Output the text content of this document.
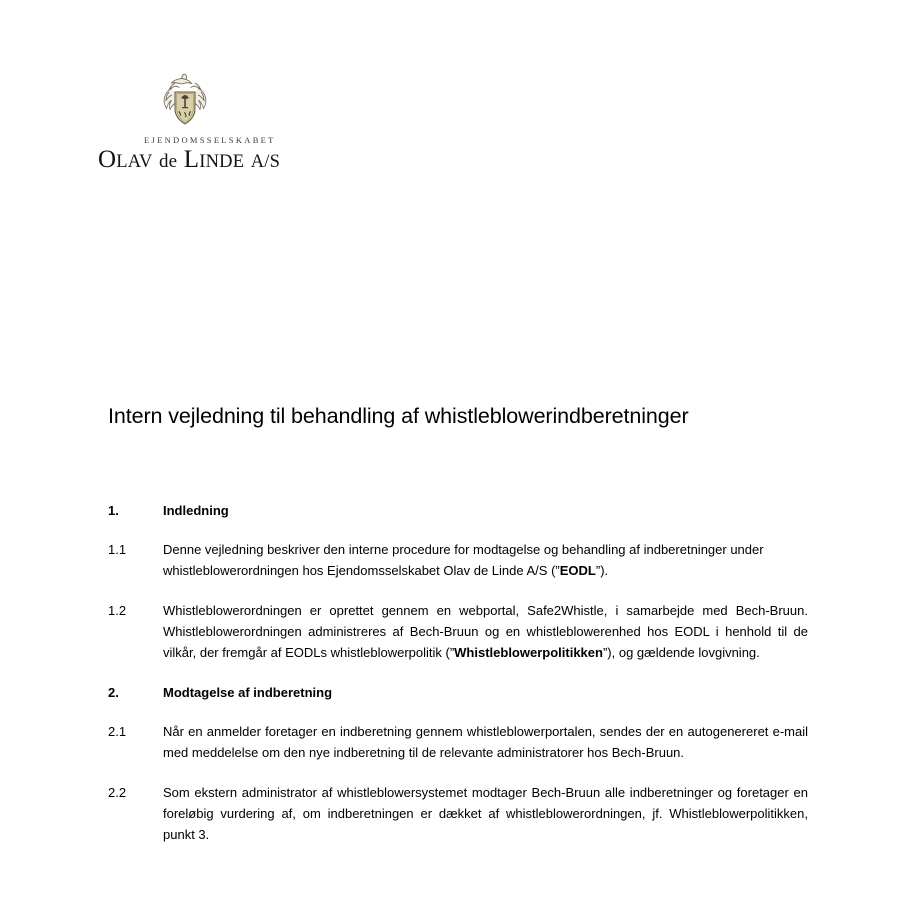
EJENDOMSSELSKABET
OLAV de LINDE A/S
Intern vejledning til behandling af whistleblowerindberetninger
1.	Indledning
1.1	Denne vejledning beskriver den interne procedure for modtagelse og behandling af indberetninger under whistleblowerordningen hos Ejendomsselskabet Olav de Linde A/S (”EODL”).
1.2	Whistleblowerordningen er oprettet gennem en webportal, Safe2Whistle, i samarbejde med Bech-Bruun. Whistleblowerordningen administreres af Bech-Bruun og en whistleblowerenhed hos EODL i henhold til de vilkår, der fremgår af EODLs whistleblowerpolitik (”Whistleblowerpolitikken”), og gældende lovgivning.
2.	Modtagelse af indberetning
2.1	Når en anmelder foretager en indberetning gennem whistleblowerportalen, sendes der en autogenereret e-mail med meddelelse om den nye indberetning til de relevante administratorer hos Bech-Bruun.
2.2	Som ekstern administrator af whistleblowersystemet modtager Bech-Bruun alle indberetninger og foretager en foreløbig vurdering af, om indberetningen er dækket af whistleblowerordningen, jf. Whistleblowerpolitikken, punkt 3.
